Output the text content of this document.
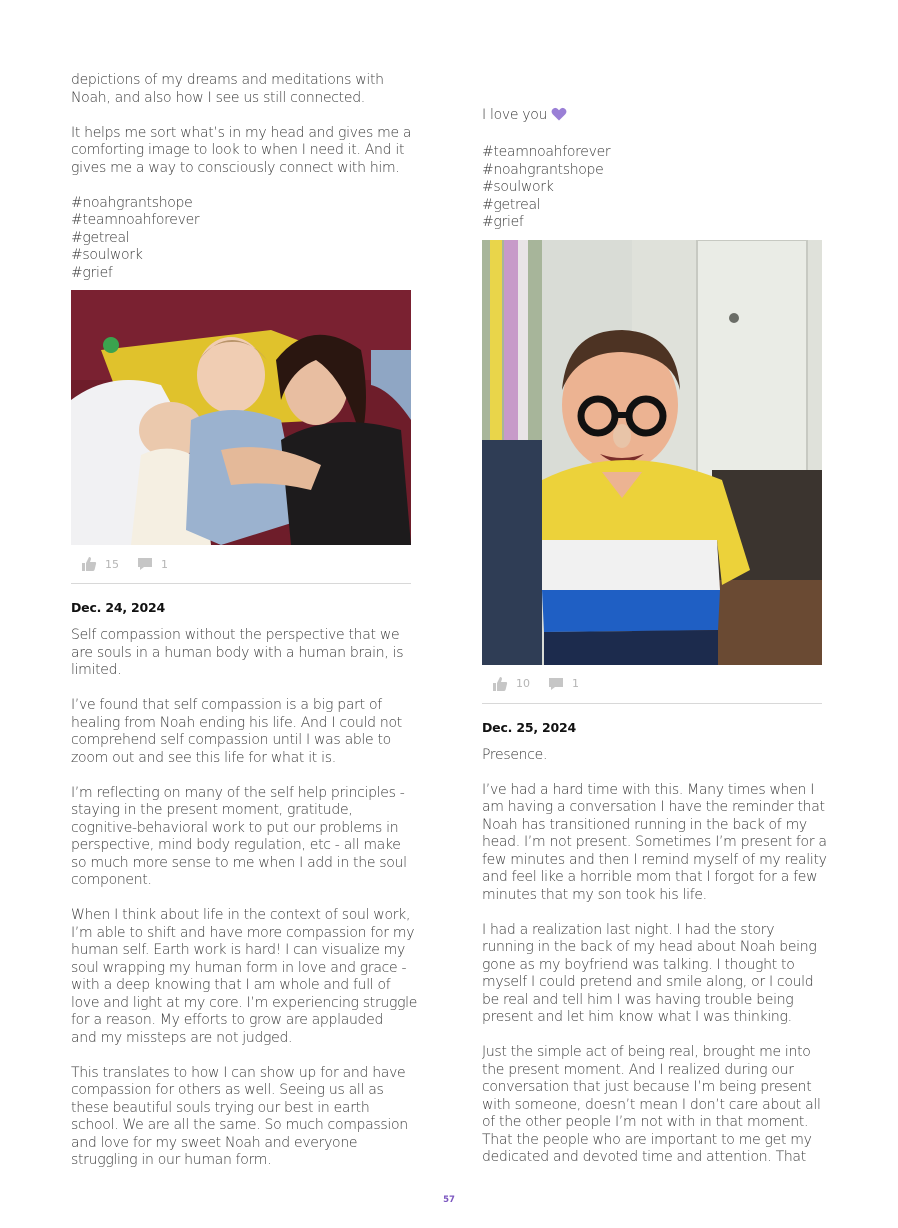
depictions of my dreams and meditations with
Noah, and also how I see us still connected.
It helps me sort what’s in my head and gives me a
comforting image to look to when I need it. And it
gives me a way to consciously connect with him.
#noahgrantshope
#teamnoahforever
#getreal
#soulwork
#grief
15	1
Dec. 24, 2024
Self compassion without the perspective that we
are souls in a human body with a human brain, is
limited.
I’ve found that self compassion is a big part of
healing from Noah ending his life. And I could not
comprehend self compassion until I was able to
zoom out and see this life for what it is.
I’m reflecting on many of the self help principles -
staying in the present moment, gratitude,
cognitive-behavioral work to put our problems in
perspective, mind body regulation, etc - all make
so much more sense to me when I add in the soul
component.
When I think about life in the context of soul work,
I’m able to shift and have more compassion for my
human self. Earth work is hard! I can visualize my
soul wrapping my human form in love and grace -
with a deep knowing that I am whole and full of
love and light at my core. I’m experiencing struggle
for a reason. My efforts to grow are applauded
and my missteps are not judged.
This translates to how I can show up for and have
compassion for others as well. Seeing us all as
these beautiful souls trying our best in earth
school. We are all the same. So much compassion
and love for my sweet Noah and everyone
struggling in our human form.
I love you
#teamnoahforever
#noahgrantshope
#soulwork
#getreal
#grief
10	1
Dec. 25, 2024
Presence.
I’ve had a hard time with this. Many times when I
am having a conversation I have the reminder that
Noah has transitioned running in the back of my
head. I’m not present. Sometimes I’m present for a
few minutes and then I remind myself of my reality
and feel like a horrible mom that I forgot for a few
minutes that my son took his life.
I had a realization last night. I had the story
running in the back of my head about Noah being
gone as my boyfriend was talking. I thought to
myself I could pretend and smile along, or I could
be real and tell him I was having trouble being
present and let him know what I was thinking.
Just the simple act of being real, brought me into
the present moment. And I realized during our
conversation that just because I’m being present
with someone, doesn’t mean I don’t care about all
of the other people I’m not with in that moment.
That the people who are important to me get my
dedicated and devoted time and attention. That
57
